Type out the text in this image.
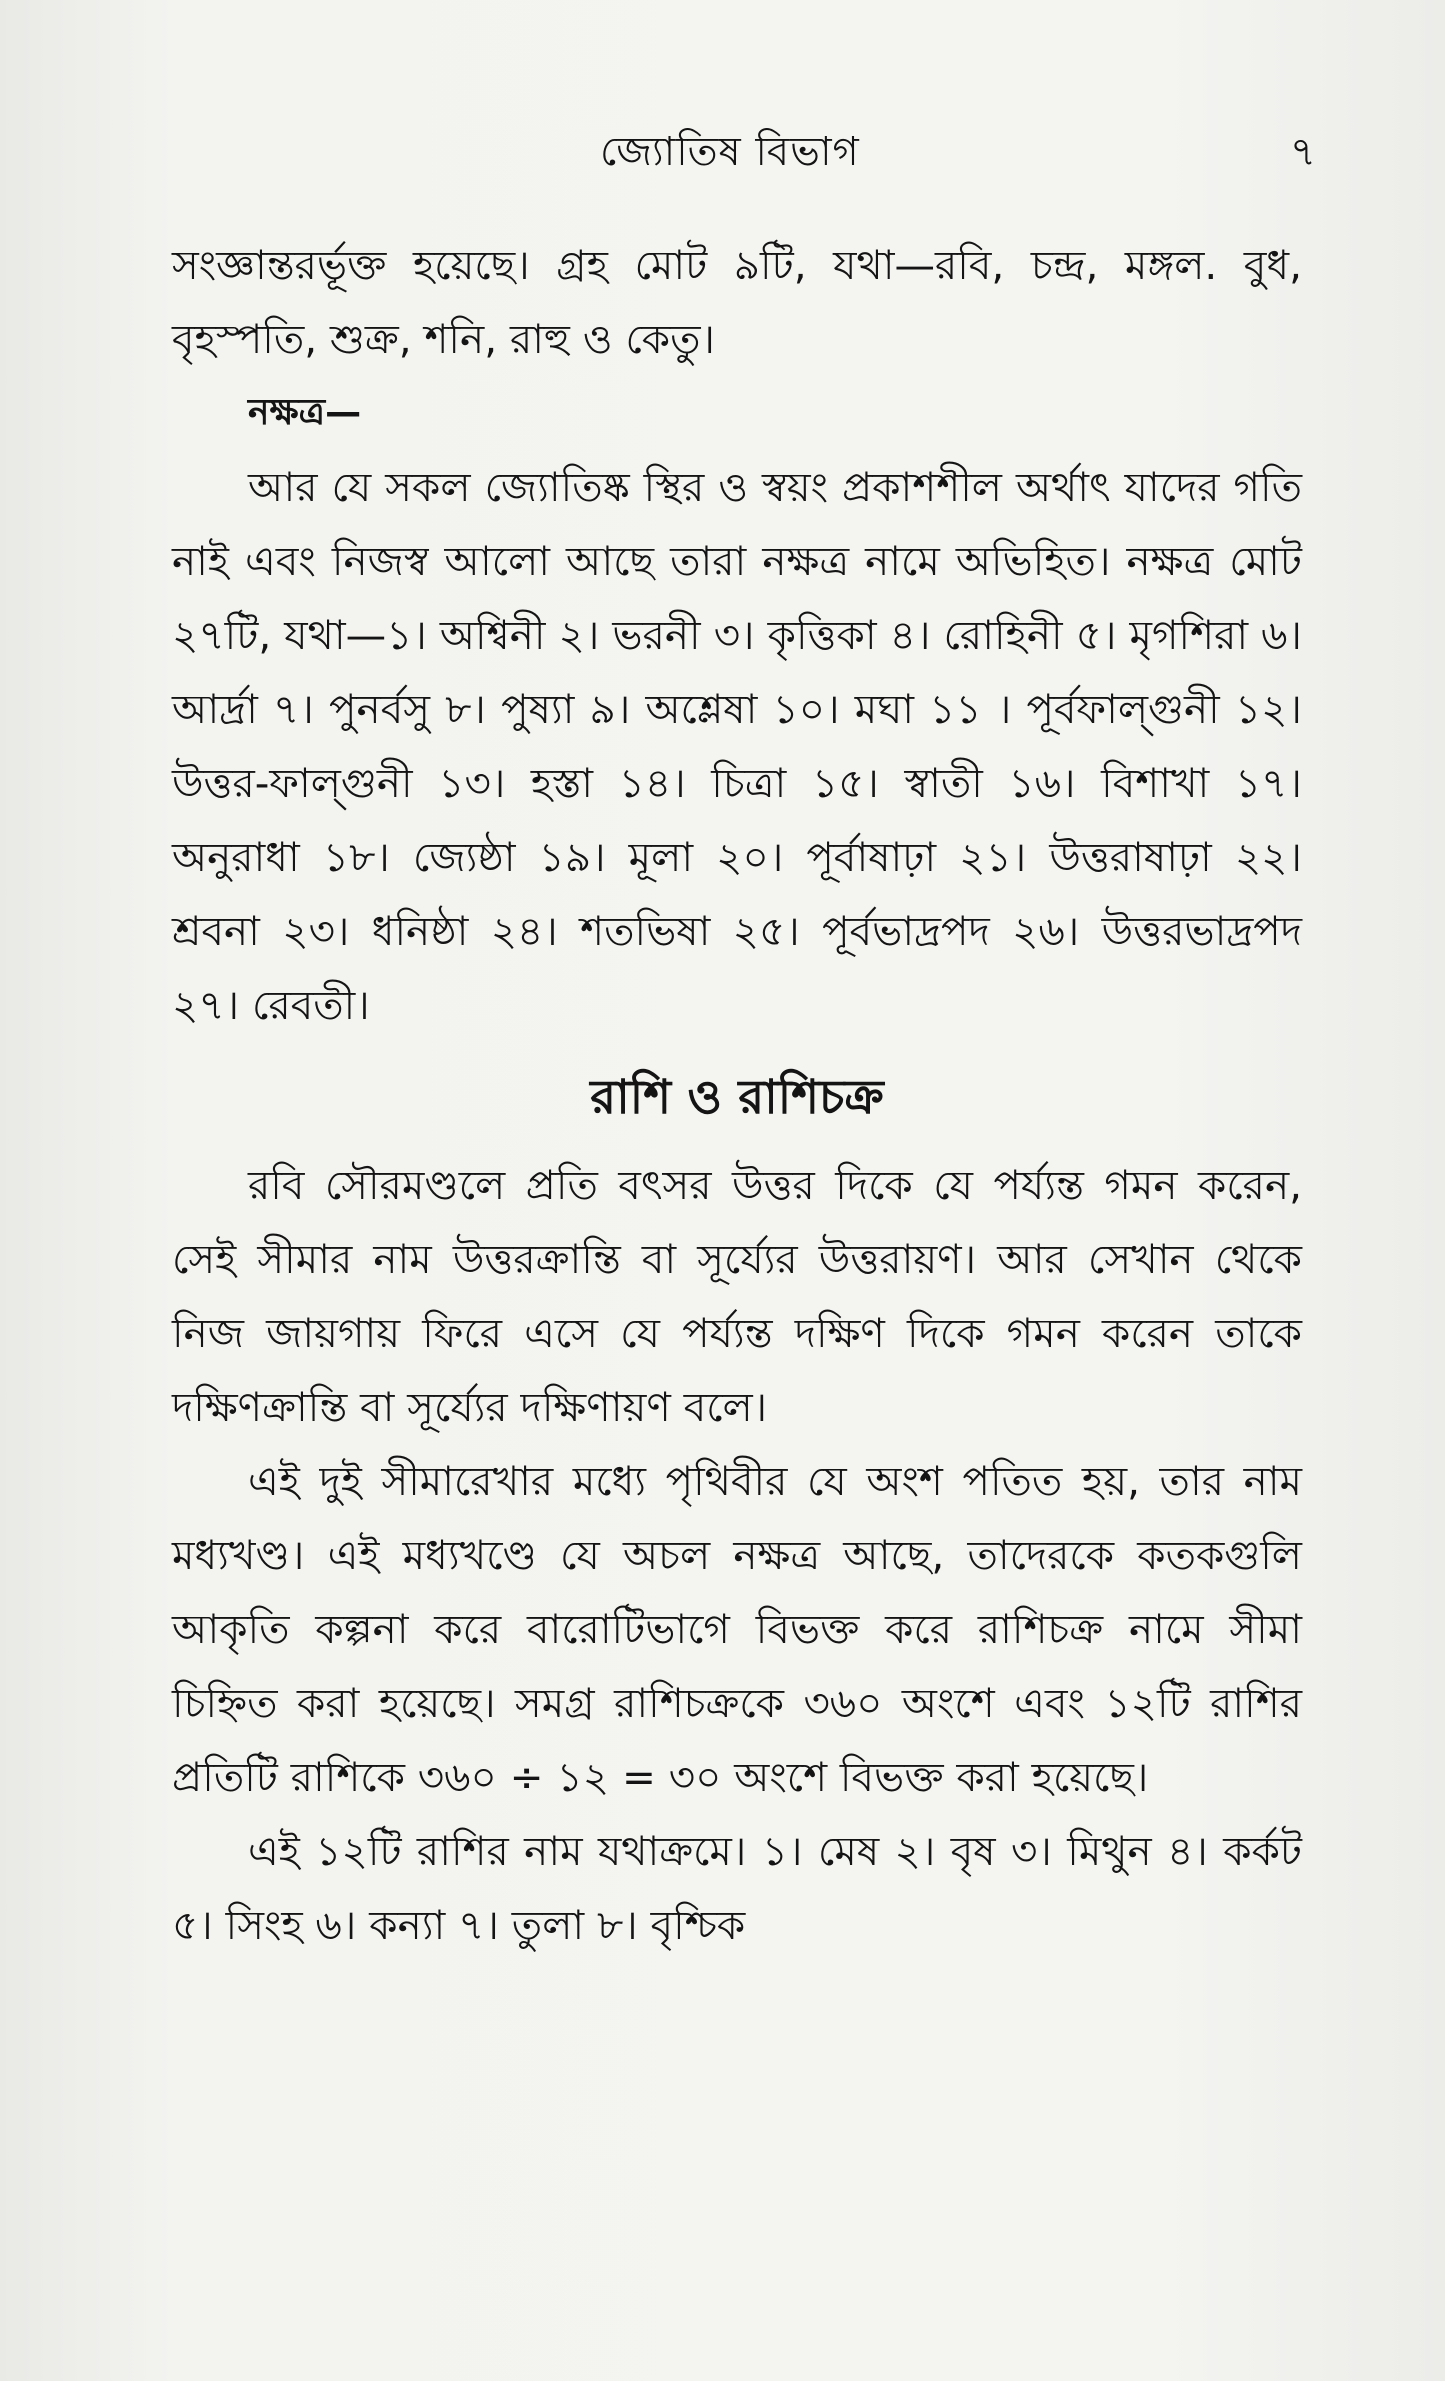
জ্যোতিষ বিভাগ	৭

সংজ্ঞান্তরর্ভূক্ত হয়েছে। গ্রহ মোট ৯টি, যথা—রবি, চন্দ্র, মঙ্গল. বুধ, বৃহস্পতি, শুক্র, শনি, রাহু ও কেতু।

নক্ষত্র—

আর যে সকল জ্যোতিষ্ক স্থির ও স্বয়ং প্রকাশশীল অর্থাৎ যাদের গতি নাই এবং নিজস্ব আলো আছে তারা নক্ষত্র নামে অভিহিত। নক্ষত্র মোট ২৭টি, যথা—১। অশ্বিনী ২। ভরনী ৩। কৃত্তিকা ৪। রোহিনী ৫। মৃগশিরা ৬। আর্দ্রা ৭। পুনর্বসু ৮। পুষ্যা ৯। অশ্লেষা ১০। মঘা ১১ । পূর্বফাল্গুনী ১২। উত্তর-ফাল্গুনী ১৩। হস্তা ১৪। চিত্রা ১৫। স্বাতী ১৬। বিশাখা ১৭। অনুরাধা ১৮। জ্যেষ্ঠা ১৯। মূলা ২০। পূর্বাষাঢ়া ২১। উত্তরাষাঢ়া ২২। শ্রবনা ২৩। ধনিষ্ঠা ২৪। শতভিষা ২৫। পূর্বভাদ্রপদ ২৬। উত্তরভাদ্রপদ ২৭। রেবতী।

রাশি ও রাশিচক্র

রবি সৌরমণ্ডলে প্রতি বৎসর উত্তর দিকে যে পর্য্যন্ত গমন করেন, সেই সীমার নাম উত্তরক্রান্তি বা সূর্য্যের উত্তরায়ণ। আর সেখান থেকে নিজ জায়গায় ফিরে এসে যে পর্য্যন্ত দক্ষিণ দিকে গমন করেন তাকে দক্ষিণক্রান্তি বা সূর্য্যের দক্ষিণায়ণ বলে।

এই দুই সীমারেখার মধ্যে পৃথিবীর যে অংশ পতিত হয়, তার নাম মধ্যখণ্ড। এই মধ্যখণ্ডে যে অচল নক্ষত্র আছে, তাদেরকে কতকগুলি আকৃতি কল্পনা করে বারোটিভাগে বিভক্ত করে রাশিচক্র নামে সীমা চিহ্নিত করা হয়েছে। সমগ্র রাশিচক্রকে ৩৬০ অংশে এবং ১২টি রাশির প্রতিটি রাশিকে ৩৬০ ÷ ১২ = ৩০ অংশে বিভক্ত করা হয়েছে।

এই ১২টি রাশির নাম যথাক্রমে। ১। মেষ ২। বৃষ ৩। মিথুন ৪। কর্কট ৫। সিংহ ৬। কন্যা ৭। তুলা ৮। বৃশ্চিক
